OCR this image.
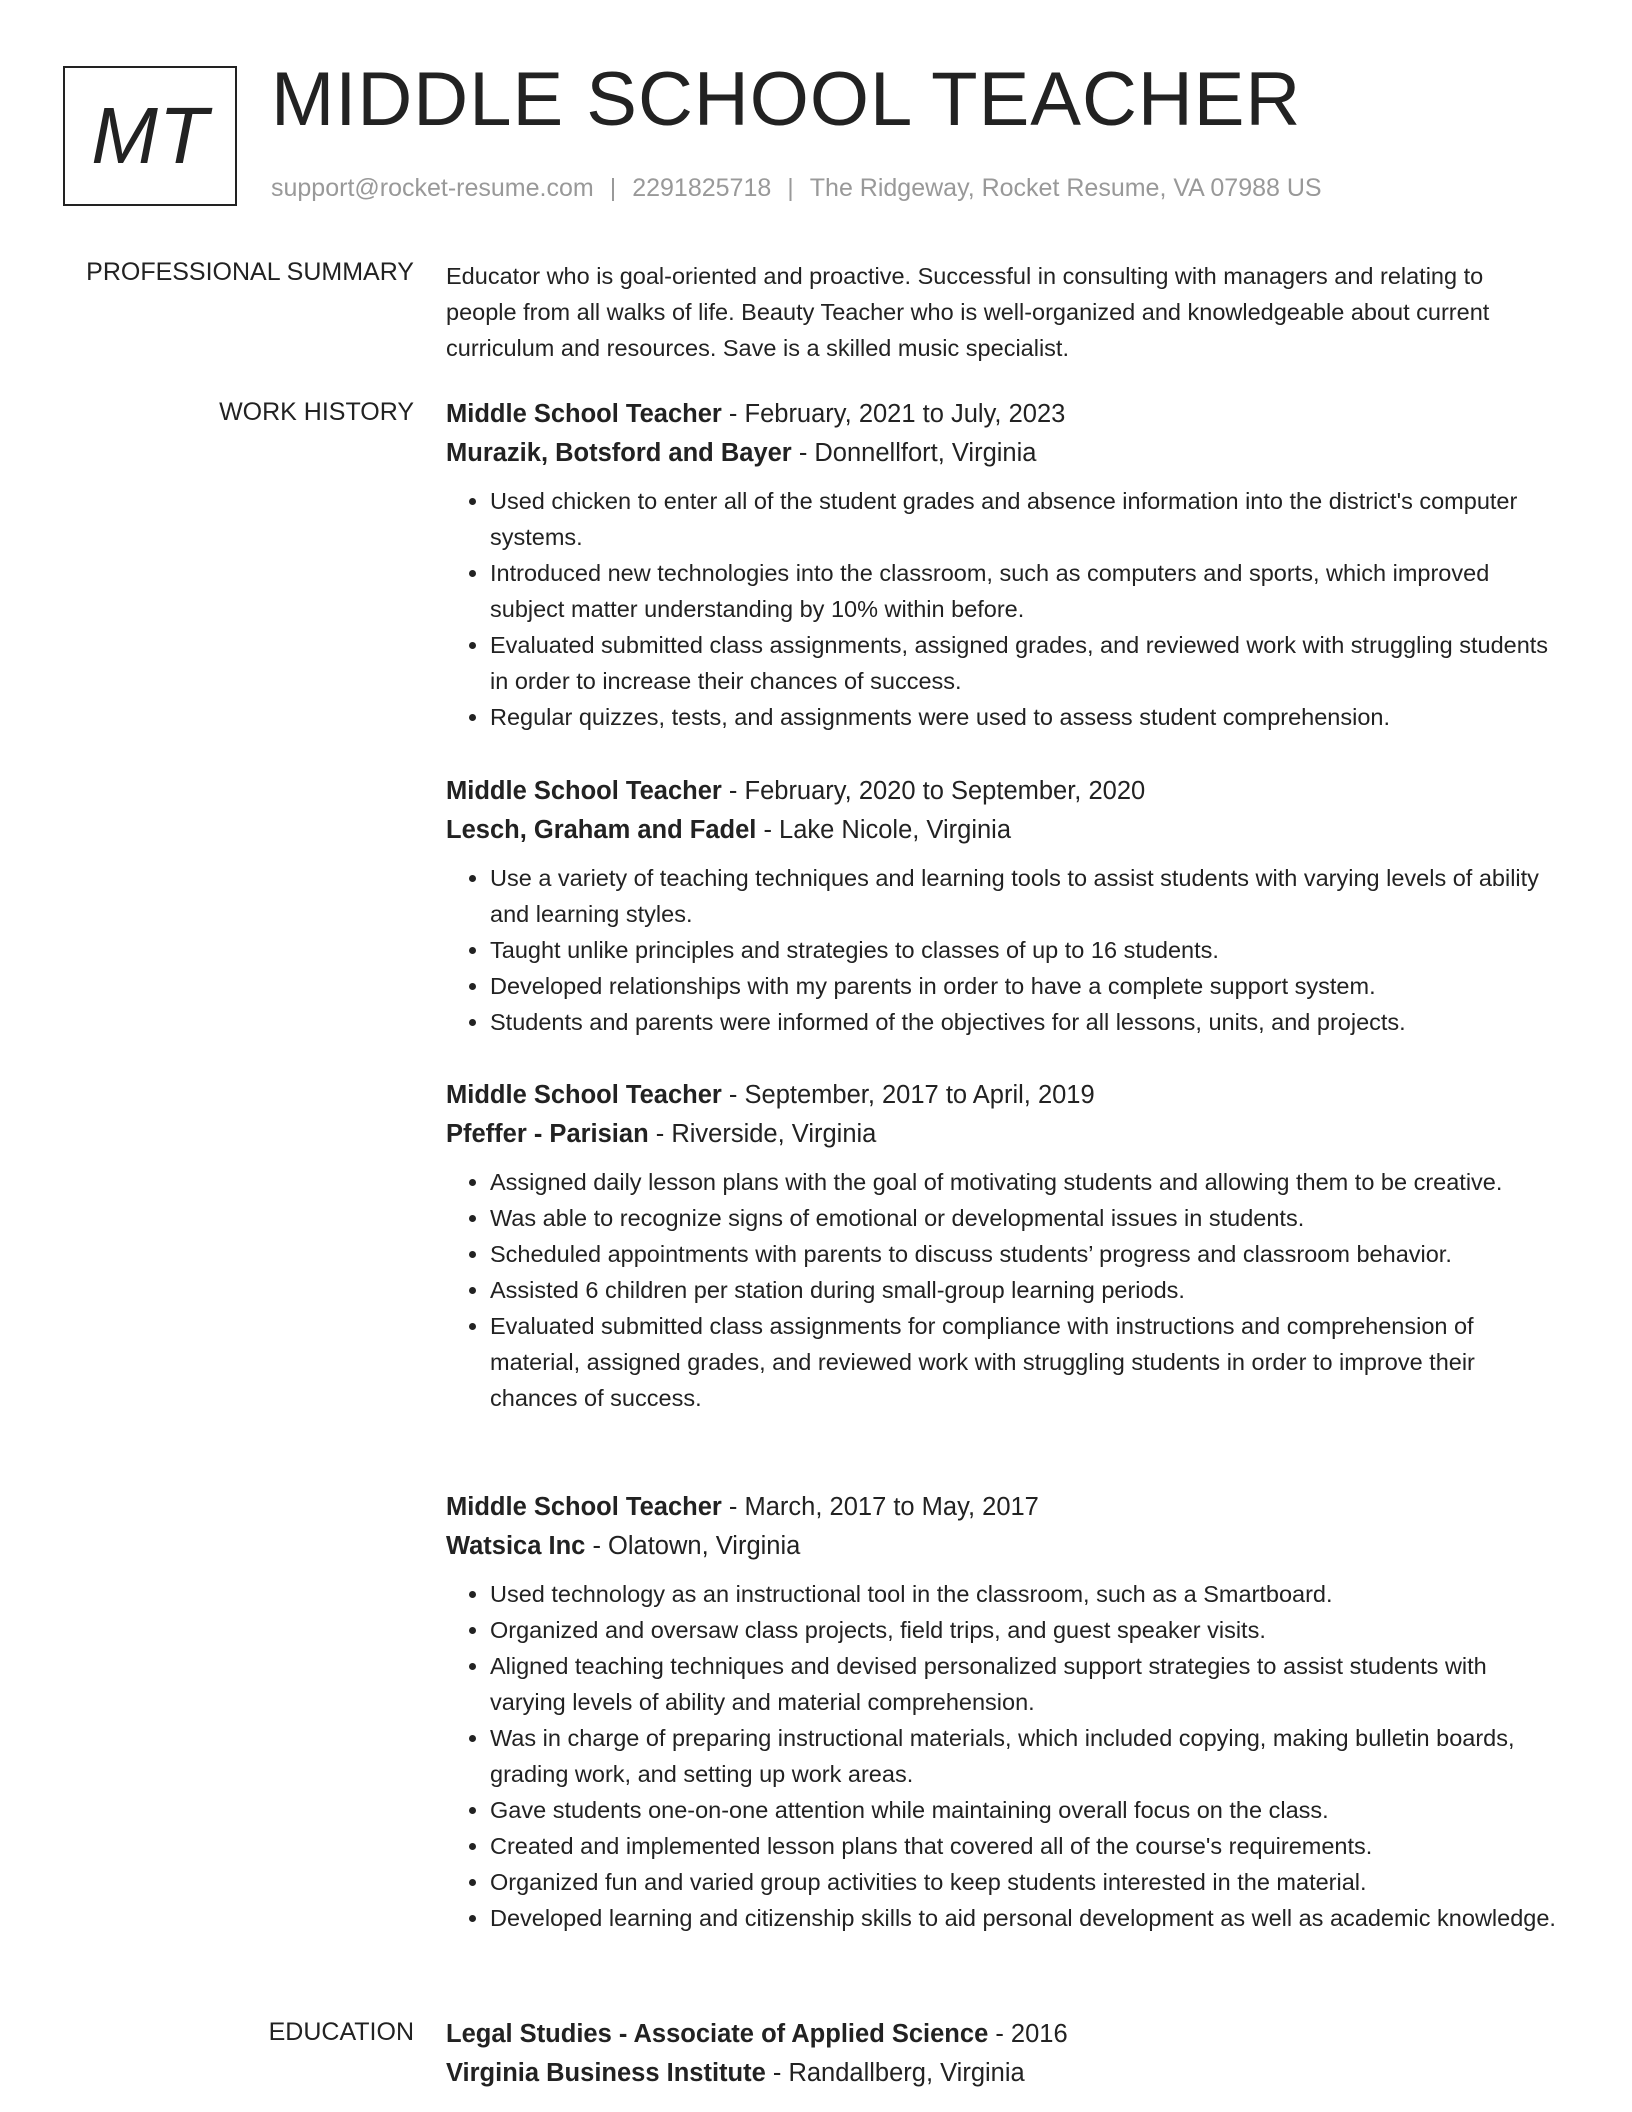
MT MIDDLE SCHOOL TEACHER
support@rocket-resume.com | 2291825718 | The Ridgeway, Rocket Resume, VA 07988 US
PROFESSIONAL SUMMARY Educator who is goal-oriented and proactive. Successful in consulting with managers and relating to people from all walks of life. Beauty Teacher who is well-organized and knowledgeable about current curriculum and resources. Save is a skilled music specialist.
WORK HISTORY Middle School Teacher - February, 2021 to July, 2023

Murazik, Botsford and Bayer - Donnellfort, Virginia

• Used chicken to enter all of the student grades and absence information into the district's computer systems.
• Introduced new technologies into the classroom, such as computers and sports, which improved subject matter understanding by 10% within before.
• Evaluated submitted class assignments, assigned grades, and reviewed work with struggling students in order to increase their chances of success.
• Regular quizzes, tests, and assignments were used to assess student comprehension.

Middle School Teacher - February, 2020 to September, 2020

Lesch, Graham and Fadel - Lake Nicole, Virginia

• Use a variety of teaching techniques and learning tools to assist students with varying levels of ability and learning styles.
• Taught unlike principles and strategies to classes of up to 16 students.
• Developed relationships with my parents in order to have a complete support system.
• Students and parents were informed of the objectives for all lessons, units, and projects.

Middle School Teacher - September, 2017 to April, 2019

Pfeffer - Parisian - Riverside, Virginia

• Assigned daily lesson plans with the goal of motivating students and allowing them to be creative.
• Was able to recognize signs of emotional or developmental issues in students.
• Scheduled appointments with parents to discuss students’ progress and classroom behavior.
• Assisted 6 children per station during small-group learning periods.
• Evaluated submitted class assignments for compliance with instructions and comprehension of material, assigned grades, and reviewed work with struggling students in order to improve their chances of success.

Middle School Teacher - March, 2017 to May, 2017

Watsica Inc - Olatown, Virginia

• Used technology as an instructional tool in the classroom, such as a Smartboard.
• Organized and oversaw class projects, field trips, and guest speaker visits.
• Aligned teaching techniques and devised personalized support strategies to assist students with varying levels of ability and material comprehension.
• Was in charge of preparing instructional materials, which included copying, making bulletin boards, grading work, and setting up work areas.
• Gave students one-on-one attention while maintaining overall focus on the class.
• Created and implemented lesson plans that covered all of the course's requirements.
• Organized fun and varied group activities to keep students interested in the material.
• Developed learning and citizenship skills to aid personal development as well as academic knowledge.
EDUCATION Legal Studies - Associate of Applied Science - 2016

Virginia Business Institute - Randallberg, Virginia
